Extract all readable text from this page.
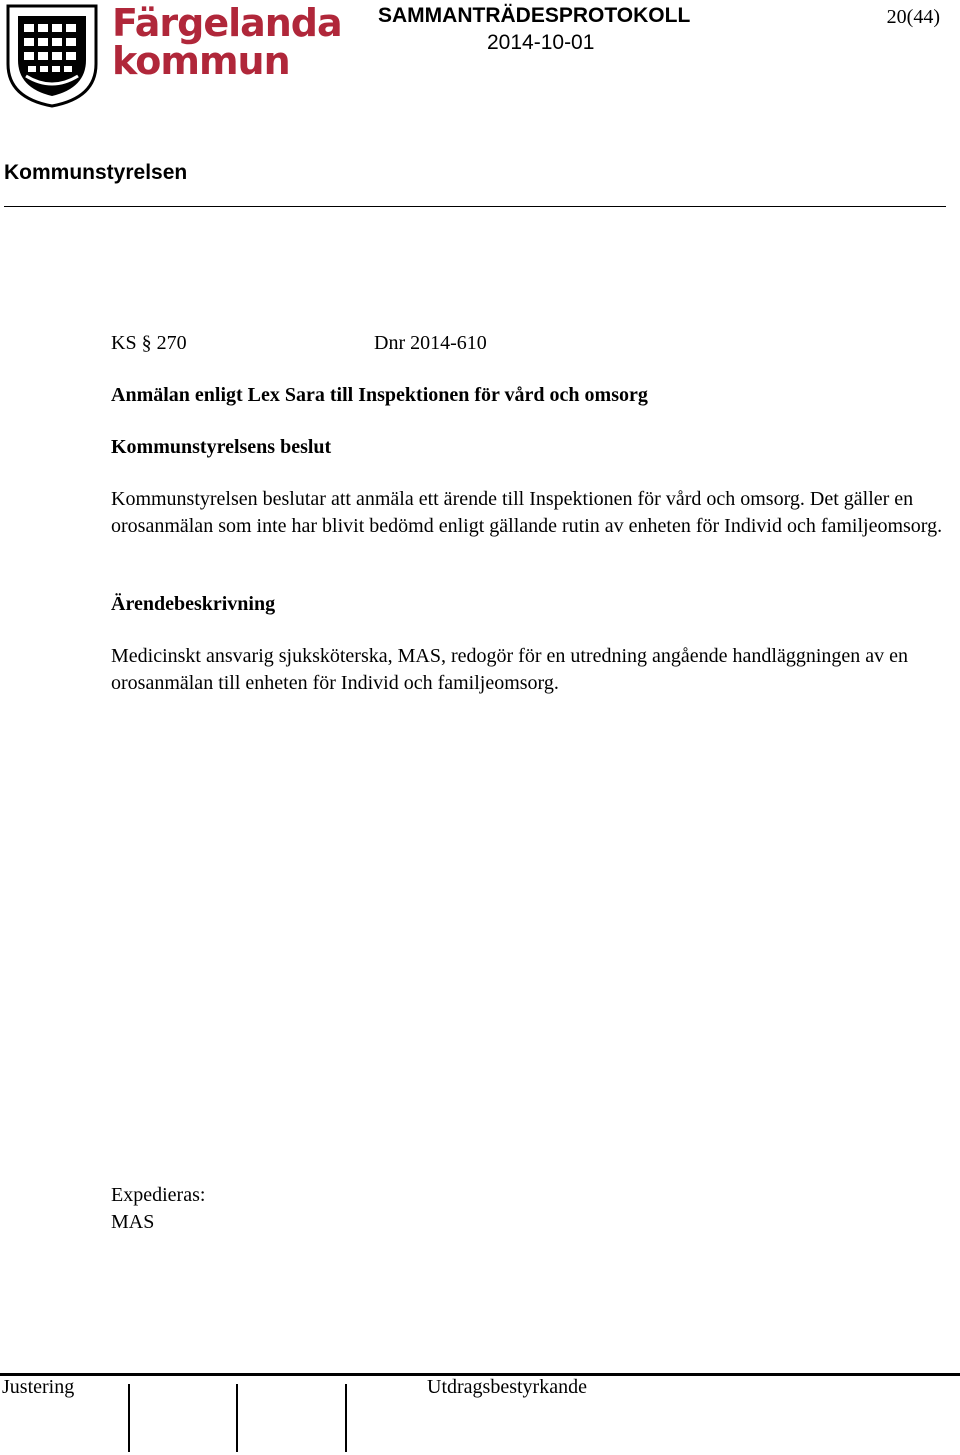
Färgelanda
kommun
SAMMANTRÄDESPROTOKOLL
2014-10-01
20(44)
Kommunstyrelsen
KS § 270	Dnr 2014-610
Anmälan enligt Lex Sara till Inspektionen för vård och omsorg
Kommunstyrelsens beslut
Kommunstyrelsen beslutar att anmäla ett ärende till Inspektionen för vård och omsorg. Det gäller en orosanmälan som inte har blivit bedömd enligt gällande rutin av enheten för Individ och familjeomsorg.
Ärendebeskrivning
Medicinskt ansvarig sjuksköterska, MAS, redogör för en utredning angående handläggningen av en orosanmälan till enheten för Individ och familjeomsorg.
Expedieras:
MAS
Justering	Utdragsbestyrkande
